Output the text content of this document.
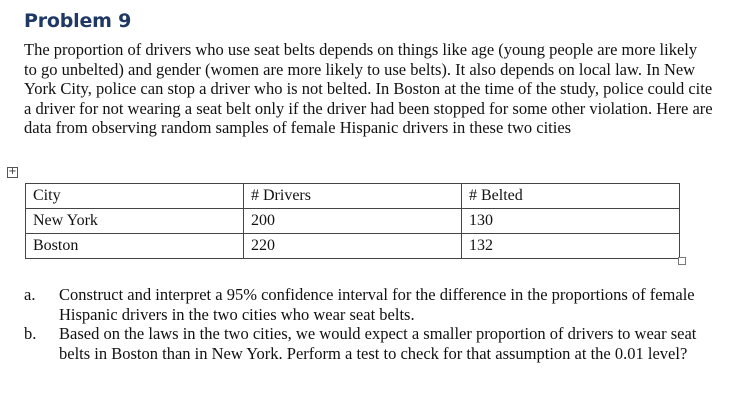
Problem 9

The proportion of drivers who use seat belts depends on things like age (young people are more likely to go unbelted) and gender (women are more likely to use belts). It also depends on local law. In New York City, police can stop a driver who is not belted. In Boston at the time of the study, police could cite a driver for not wearing a seat belt only if the driver had been stopped for some other violation. Here are data from observing random samples of female Hispanic drivers in these two cities

+
City	# Drivers	# Belted
New York	200	130
Boston	220	132
a. Construct and interpret a 95% confidence interval for the difference in the proportions of female Hispanic drivers in the two cities who wear seat belts.
b. Based on the laws in the two cities, we would expect a smaller proportion of drivers to wear seat belts in Boston than in New York. Perform a test to check for that assumption at the 0.01 level?
